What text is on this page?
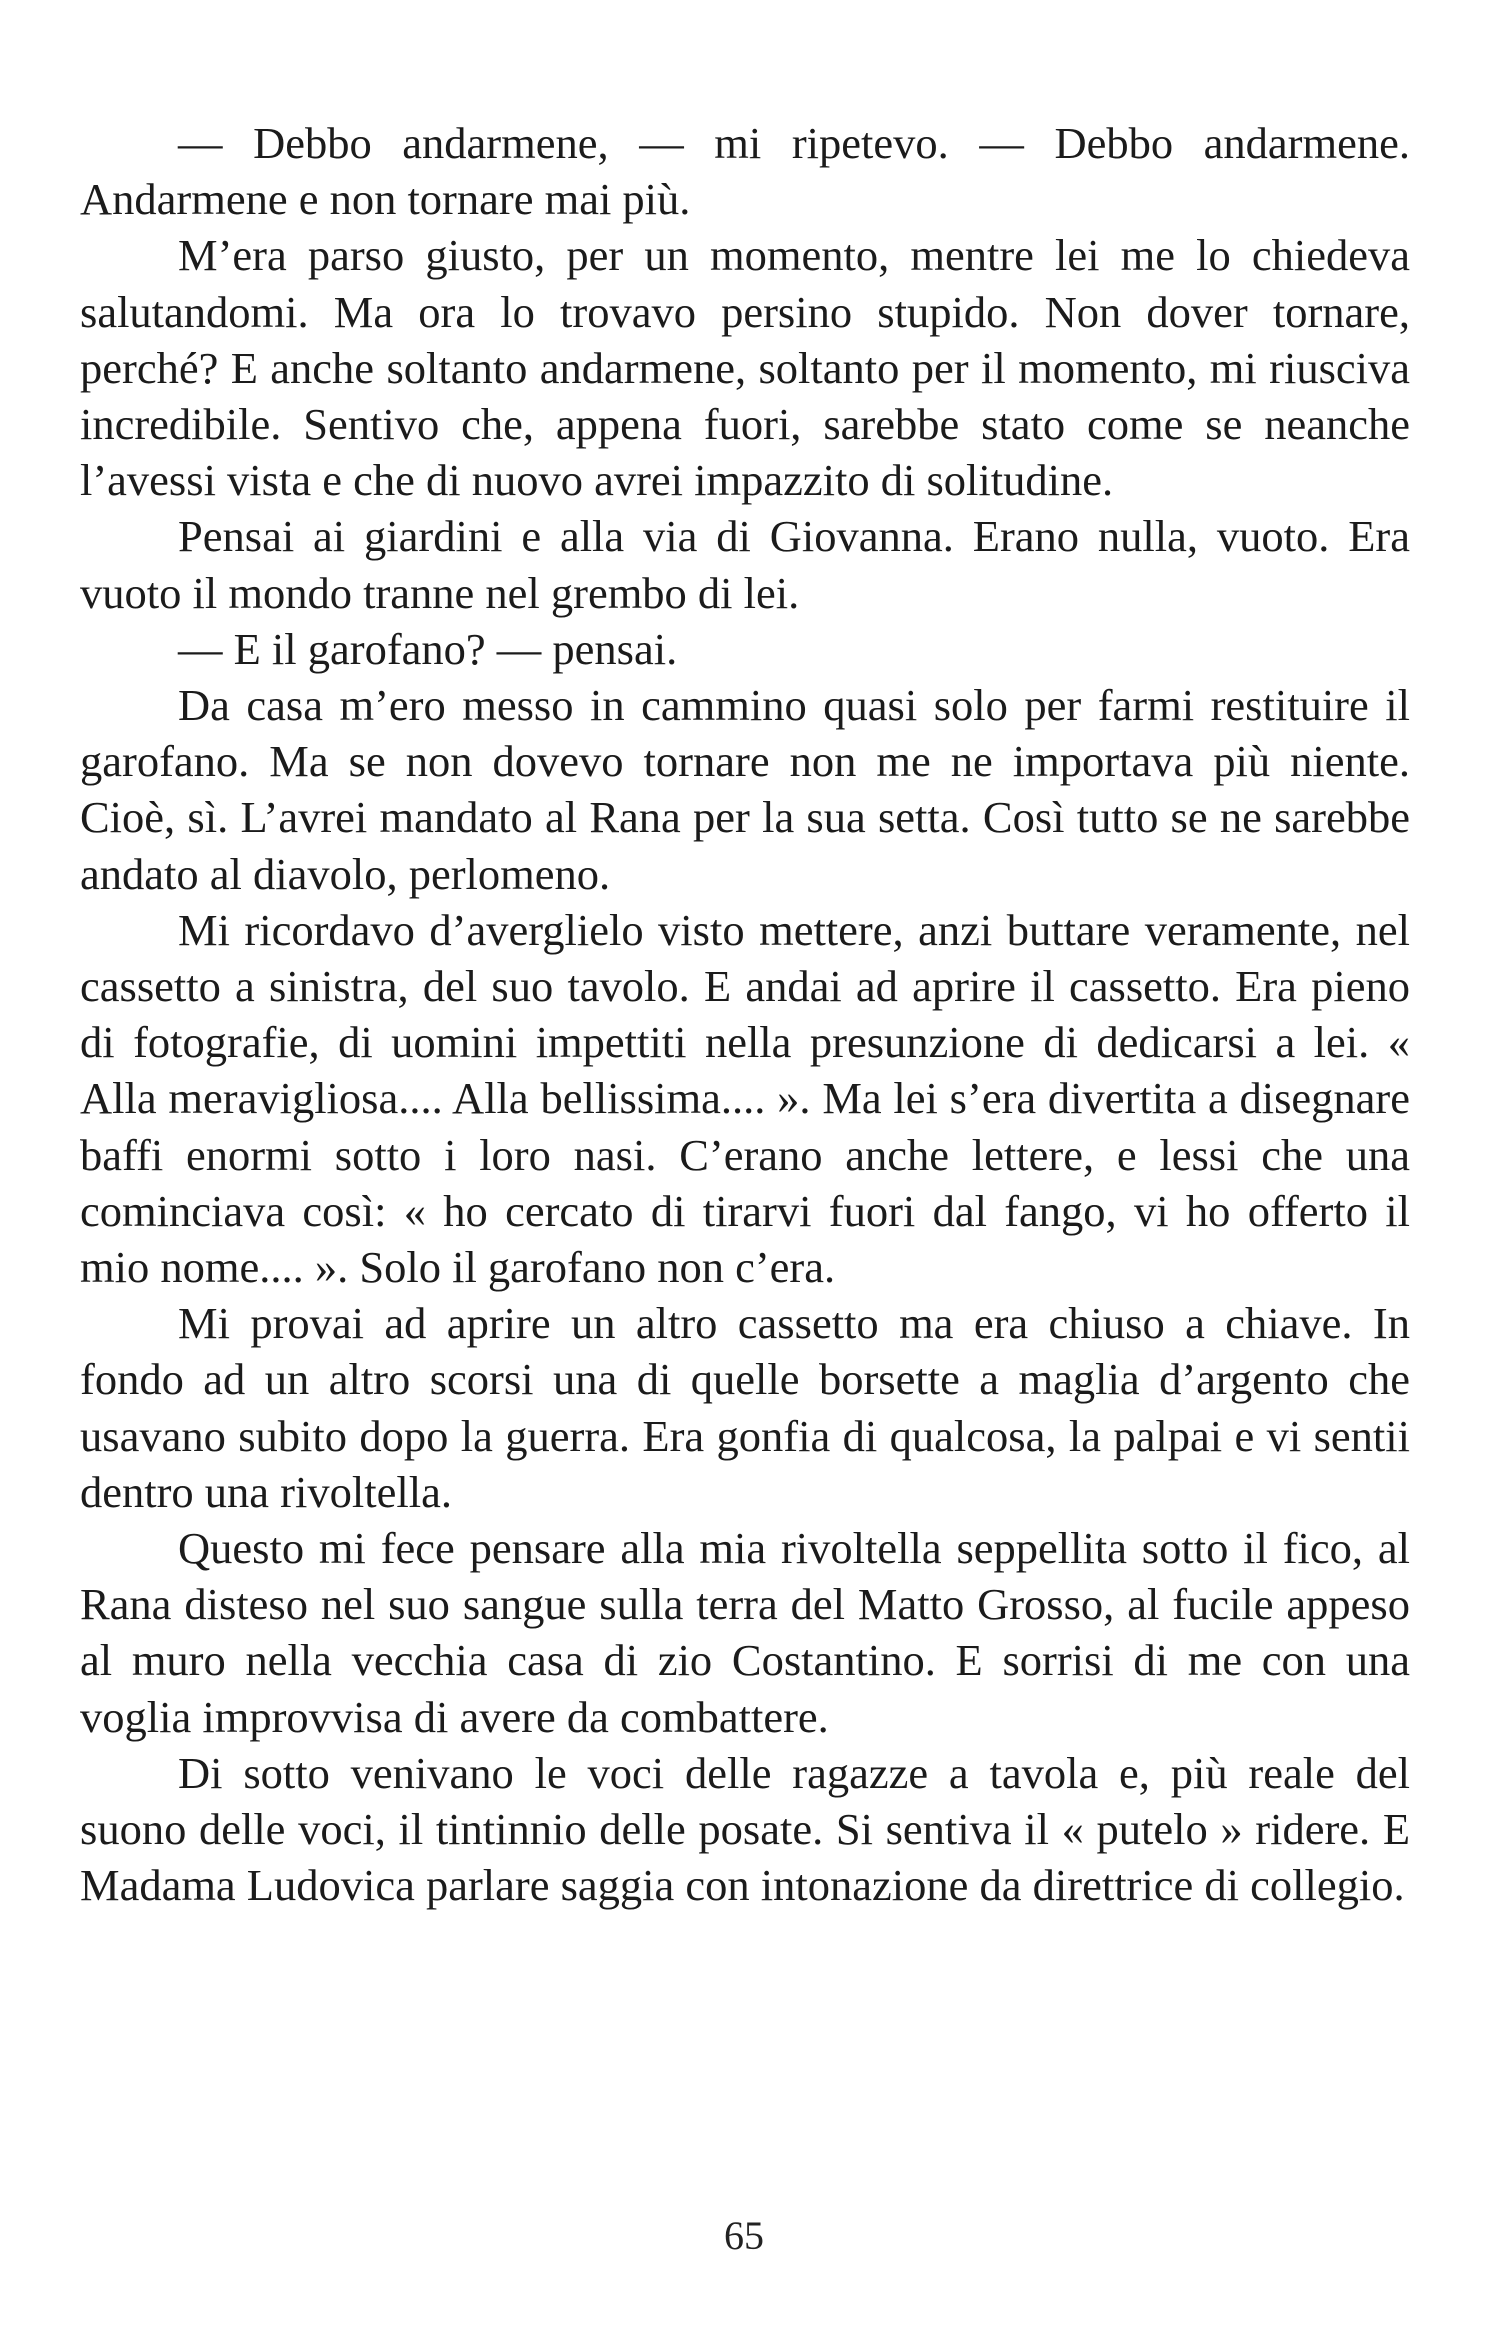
— Debbo andarmene, — mi ripetevo. — Debbo andarmene. Andarmene e non tornare mai più.

M’era parso giusto, per un momento, mentre lei me lo chiedeva salutandomi. Ma ora lo trovavo persino stupido. Non dover tornare, perché? E anche soltanto andarmene, soltanto per il momento, mi riusciva incredibile. Sentivo che, appena fuori, sarebbe stato come se neanche l’avessi vista e che di nuovo avrei impazzito di solitudine.

Pensai ai giardini e alla via di Giovanna. Erano nulla, vuoto. Era vuoto il mondo tranne nel grembo di lei.

— E il garofano? — pensai.

Da casa m’ero messo in cammino quasi solo per farmi restituire il garofano. Ma se non dovevo tornare non me ne importava più niente. Cioè, sì. L’avrei mandato al Rana per la sua setta. Così tutto se ne sarebbe andato al diavolo, perlomeno.

Mi ricordavo d’averglielo visto mettere, anzi buttare veramente, nel cassetto a sinistra, del suo tavolo. E andai ad aprire il cassetto. Era pieno di fotografie, di uomini impettiti nella presunzione di dedicarsi a lei. « Alla meravigliosa.... Alla bellissima.... ». Ma lei s’era divertita a disegnare baffi enormi sotto i loro nasi. C’erano anche lettere, e lessi che una cominciava così: « ho cercato di tirarvi fuori dal fango, vi ho offerto il mio nome.... ». Solo il garofano non c’era.

Mi provai ad aprire un altro cassetto ma era chiuso a chiave. In fondo ad un altro scorsi una di quelle borsette a maglia d’argento che usavano subito dopo la guerra. Era gonfia di qualcosa, la palpai e vi sentii dentro una rivoltella.

Questo mi fece pensare alla mia rivoltella seppellita sotto il fico, al Rana disteso nel suo sangue sulla terra del Matto Grosso, al fucile appeso al muro nella vecchia casa di zio Costantino. E sorrisi di me con una voglia improvvisa di avere da combattere.

Di sotto venivano le voci delle ragazze a tavola e, più reale del suono delle voci, il tintinnio delle posate. Si sentiva il « putelo » ridere. E Madama Ludovica parlare saggia con intonazione da direttrice di collegio.

65
